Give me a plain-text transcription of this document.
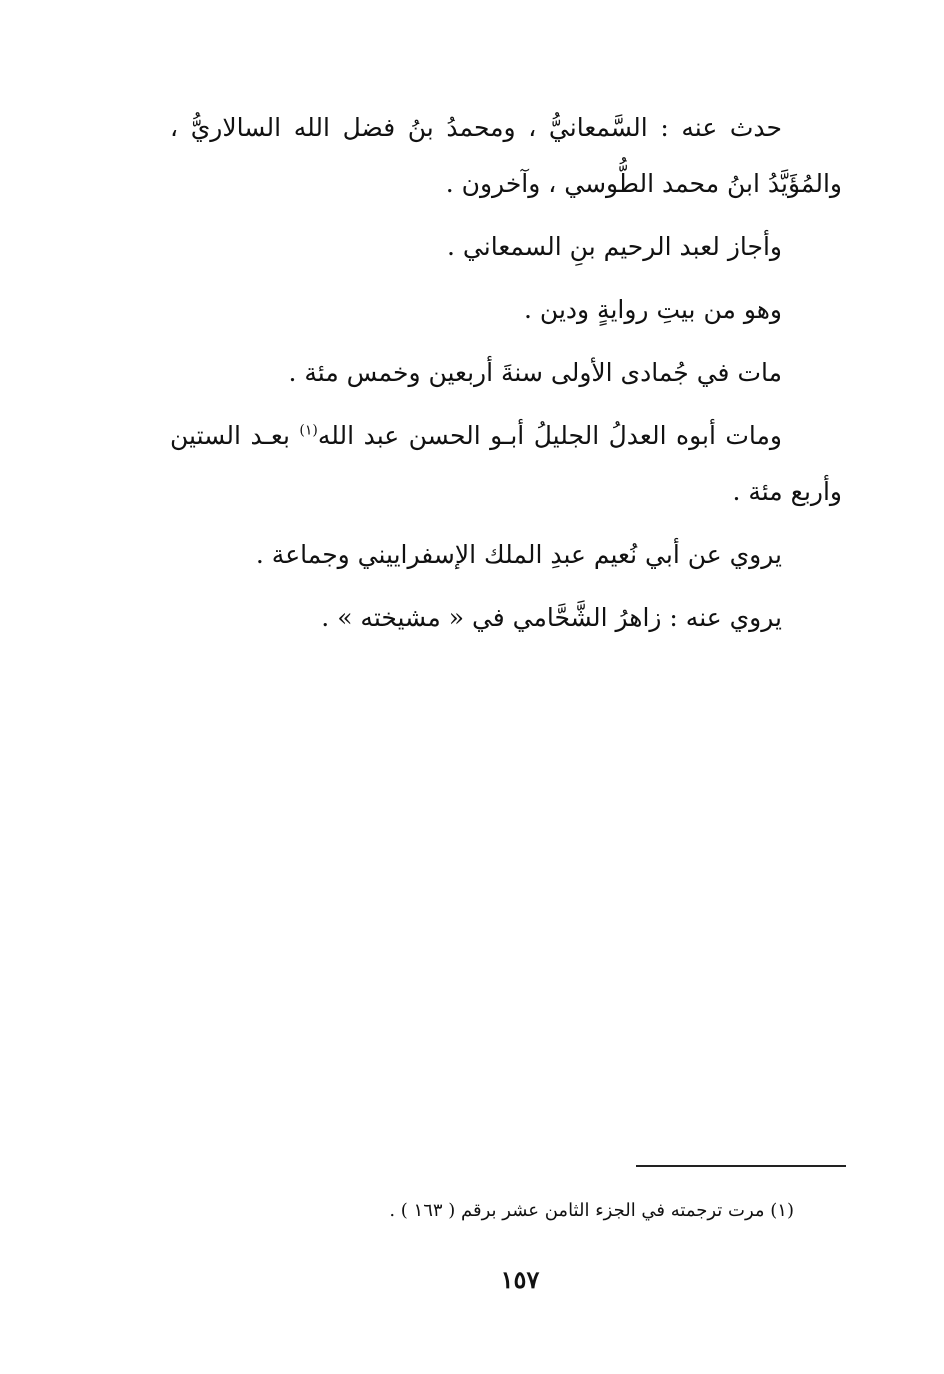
حدث عنه : السَّمعانيُّ ، ومحمدُ بنُ فضل الله السالاريُّ ، والمُؤَيَّدُ ابنُ محمد الطُّوسي ، وآخرون .

وأجاز لعبد الرحيم بنِ السمعاني .

وهو من بيتِ روايةٍ ودين .

مات في جُمادى الأولى سنةَ أربعين وخمس مئة .

ومات أبوه العدلُ الجليلُ أبـو الحسن عبد الله$^{(١)}$ بعـد الستين وأربع مئة .

يروي عن أبي نُعيم عبدِ الملك الإسفراييني وجماعة .

يروي عنه : زاهرُ الشَّحَّامي في « مشيخته » .

(١) مرت ترجمته في الجزء الثامن عشر برقم ( ١٦٣ ) .
١٥٧
